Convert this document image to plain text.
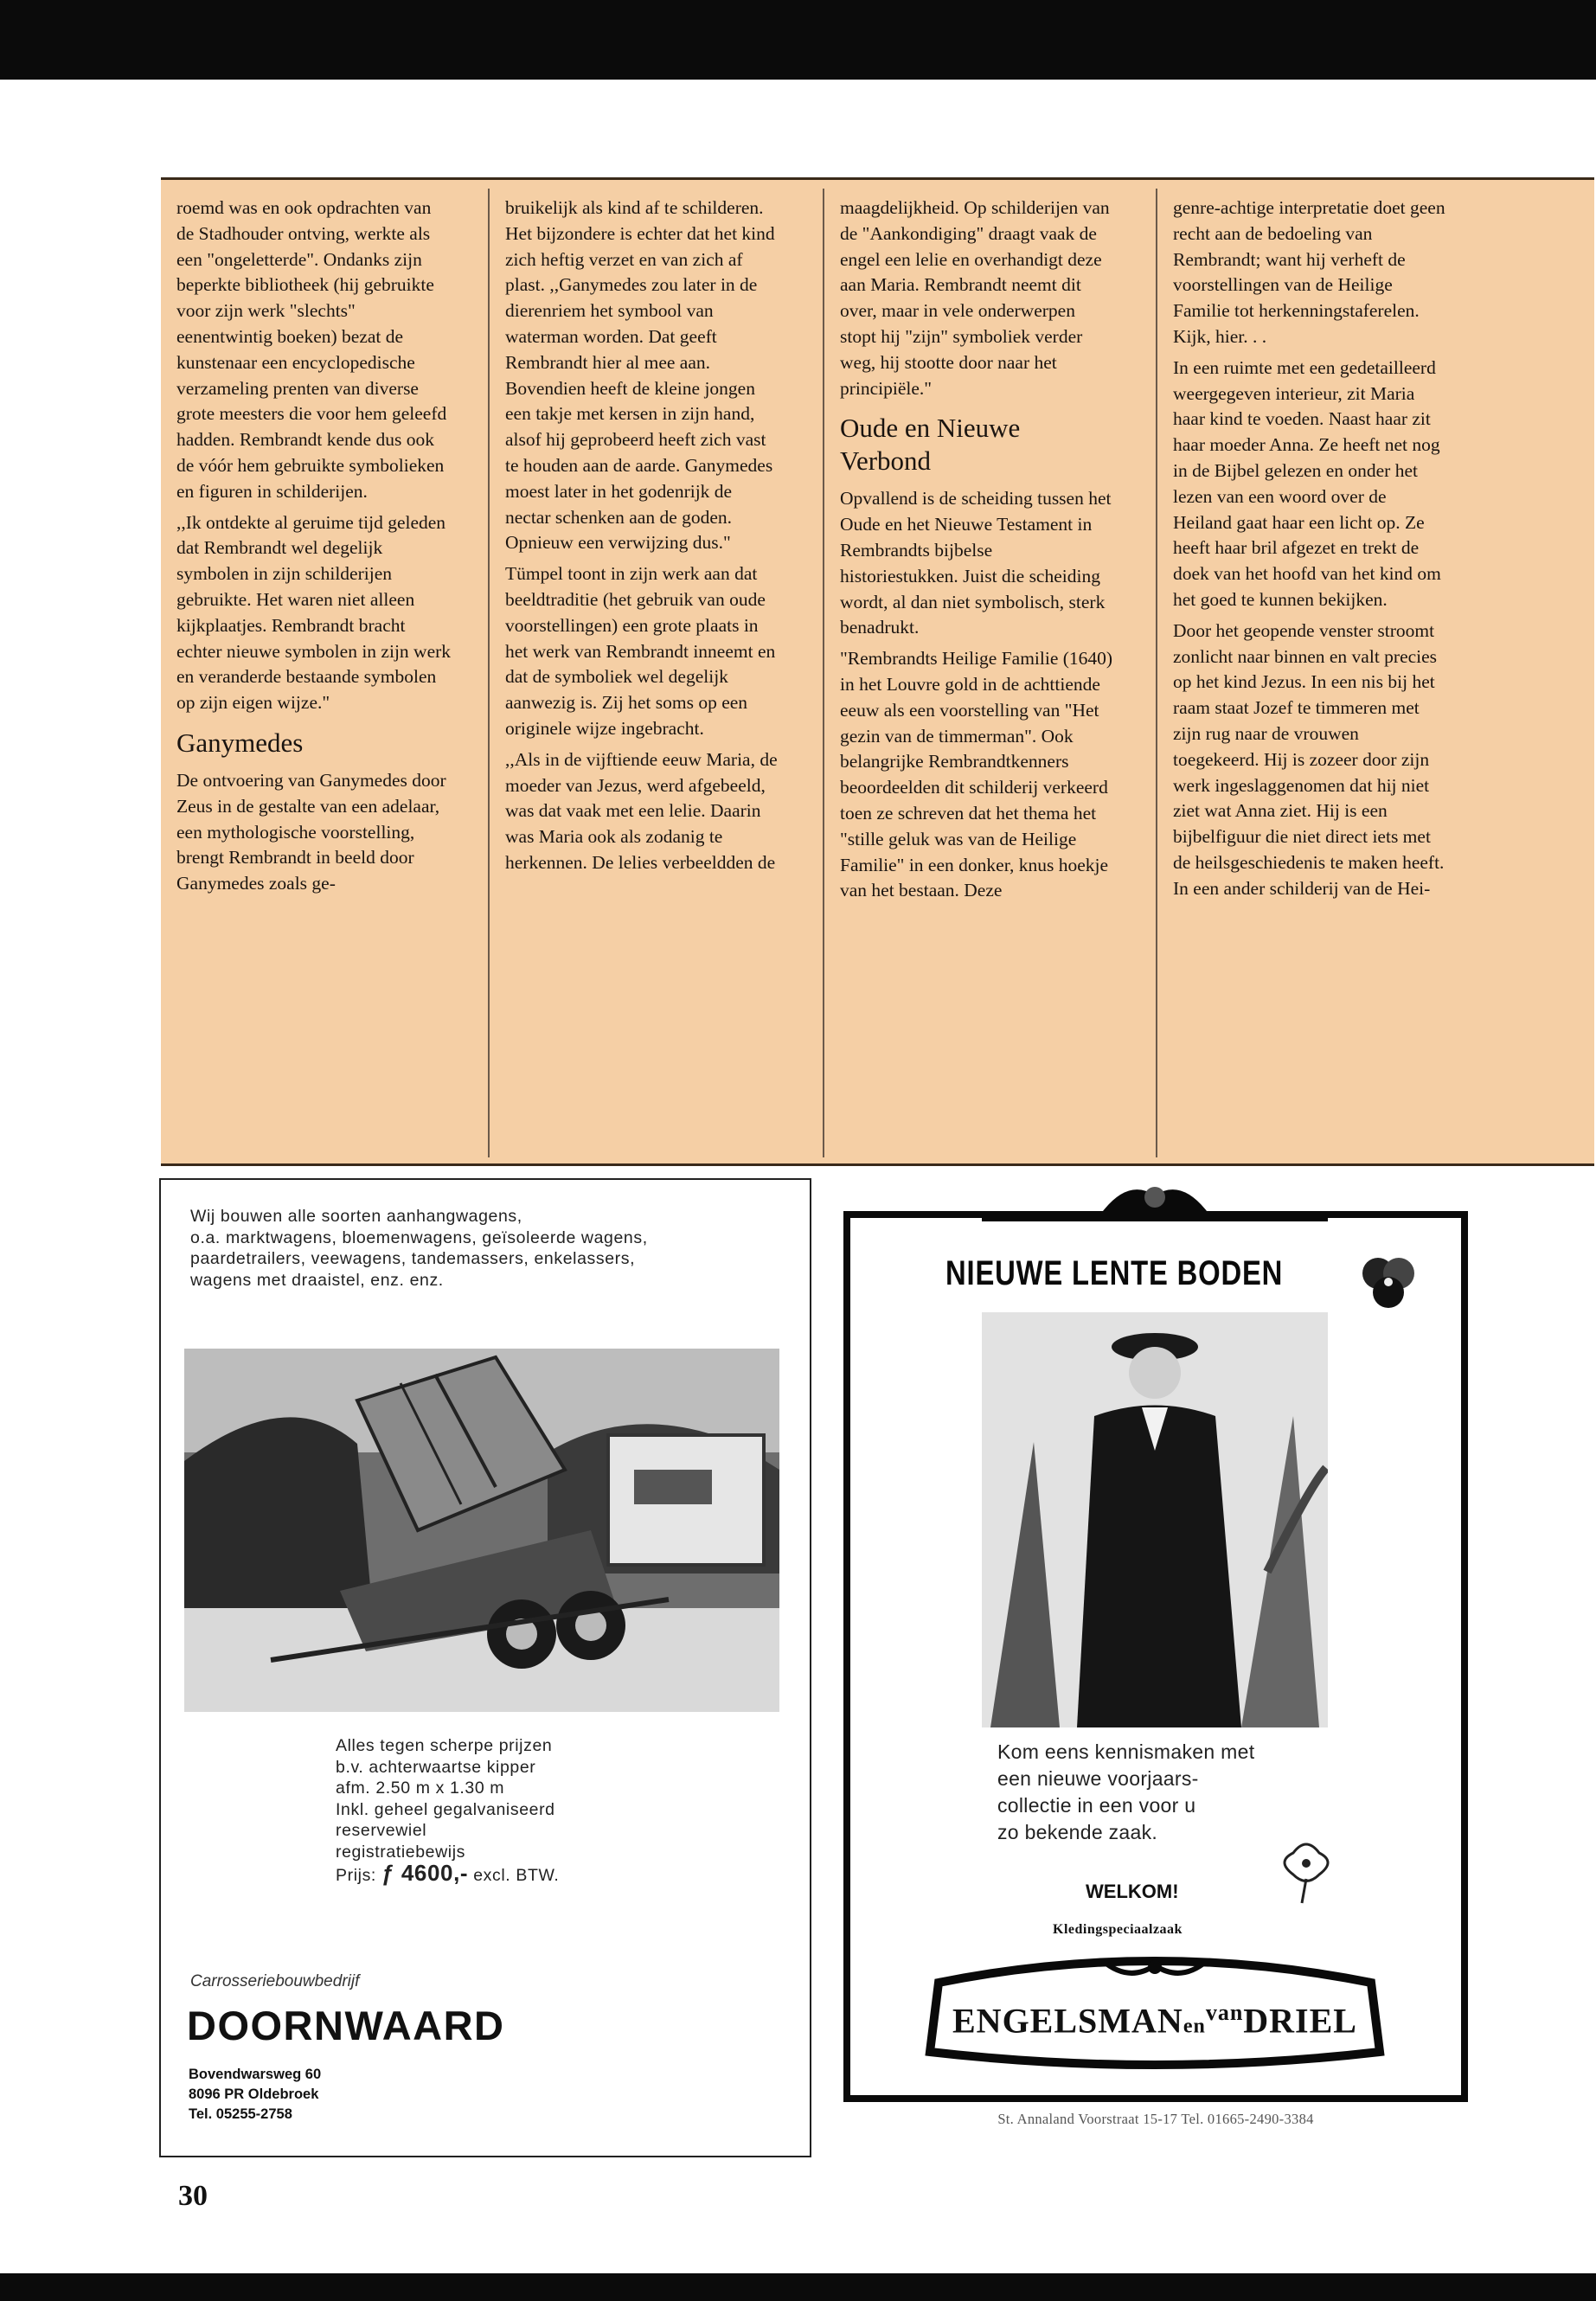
roemd was en ook opdrachten van de Stadhouder ontving, werkte als een "ongeletterde". Ondanks zijn beperkte bibliotheek (hij gebruikte voor zijn werk "slechts" eenentwintig boeken) bezat de kunstenaar een encyclopedische verzameling prenten van diverse grote meesters die voor hem geleefd hadden. Rembrandt kende dus ook de vóór hem gebruikte symbolieken en figuren in schilderijen.

,,Ik ontdekte al geruime tijd geleden dat Rembrandt wel degelijk symbolen in zijn schilderijen gebruikte. Het waren niet alleen kijkplaatjes. Rembrandt bracht echter nieuwe symbolen in zijn werk en veranderde bestaande symbolen op zijn eigen wijze."

Ganymedes

De ontvoering van Ganymedes door Zeus in de gestalte van een adelaar, een mythologische voorstelling, brengt Rembrandt in beeld door Ganymedes zoals ge-

bruikelijk als kind af te schilderen. Het bijzondere is echter dat het kind zich heftig verzet en van zich af plast. ,,Ganymedes zou later in de dierenriem het symbool van waterman worden. Dat geeft Rembrandt hier al mee aan. Bovendien heeft de kleine jongen een takje met kersen in zijn hand, alsof hij geprobeerd heeft zich vast te houden aan de aarde. Ganymedes moest later in het godenrijk de nectar schenken aan de goden. Opnieuw een verwijzing dus."

Tümpel toont in zijn werk aan dat beeldtraditie (het gebruik van oude voorstellingen) een grote plaats in het werk van Rembrandt inneemt en dat de symboliek wel degelijk aanwezig is. Zij het soms op een originele wijze ingebracht.

,,Als in de vijftiende eeuw Maria, de moeder van Jezus, werd afgebeeld, was dat vaak met een lelie. Daarin was Maria ook als zodanig te herkennen. De lelies verbeeldden de

maagdelijkheid. Op schilderijen van de "Aankondiging" draagt vaak de engel een lelie en overhandigt deze aan Maria. Rembrandt neemt dit over, maar in vele onderwerpen stopt hij "zijn" symboliek verder weg, hij stootte door naar het principiële."

Oude en Nieuwe Verbond

Opvallend is de scheiding tussen het Oude en het Nieuwe Testament in Rembrandts bijbelse historiestukken. Juist die scheiding wordt, al dan niet symbolisch, sterk benadrukt.

"Rembrandts Heilige Familie (1640) in het Louvre gold in de achttiende eeuw als een voorstelling van "Het gezin van de timmerman". Ook belangrijke Rembrandtkenners beoordeelden dit schilderij verkeerd toen ze schreven dat het thema het "stille geluk was van de Heilige Familie" in een donker, knus hoekje van het bestaan. Deze

genre-achtige interpretatie doet geen recht aan de bedoeling van Rembrandt; want hij verheft de voorstellingen van de Heilige Familie tot herkenningstaferelen. Kijk, hier. . .

In een ruimte met een gedetailleerd weergegeven interieur, zit Maria haar kind te voeden. Naast haar zit haar moeder Anna. Ze heeft net nog in de Bijbel gelezen en onder het lezen van een woord over de Heiland gaat haar een licht op. Ze heeft haar bril afgezet en trekt de doek van het hoofd van het kind om het goed te kunnen bekijken.

Door het geopende venster stroomt zonlicht naar binnen en valt precies op het kind Jezus. In een nis bij het raam staat Jozef te timmeren met zijn rug naar de vrouwen toegekeerd. Hij is zozeer door zijn werk ingeslaggenomen dat hij niet ziet wat Anna ziet. Hij is een bijbelfiguur die niet direct iets met de heilsgeschiedenis te maken heeft. In een ander schilderij van de Hei-

Wij bouwen alle soorten aanhangwagens,
o.a. marktwagens, bloemenwagens, geïsoleerde wagens,
paardetrailers, veewagens, tandemassers, enkelassers,
wagens met draaistel, enz. enz.
Alles tegen scherpe prijzen
b.v. achterwaartse kipper
afm. 2.50 m x 1.30 m
Inkl. geheel gegalvaniseerd
reservewiel
registratiebewijs
Prijs: ƒ 4600,- excl. BTW.
Carrosseriebouwbedrijf
DOORNWAARD
Bovendwarsweg 60
8096 PR Oldebroek
Tel. 05255-2758
NIEUWE LENTE BODEN
Kom eens kennismaken met
een nieuwe voorjaars-
collectie in een voor u
zo bekende zaak.
WELKOM!
Kledingspeciaalzaak
ENGELSMANen$^{van}$DRIEL
St. Annaland Voorstraat 15-17 Tel. 01665-2490-3384
30
